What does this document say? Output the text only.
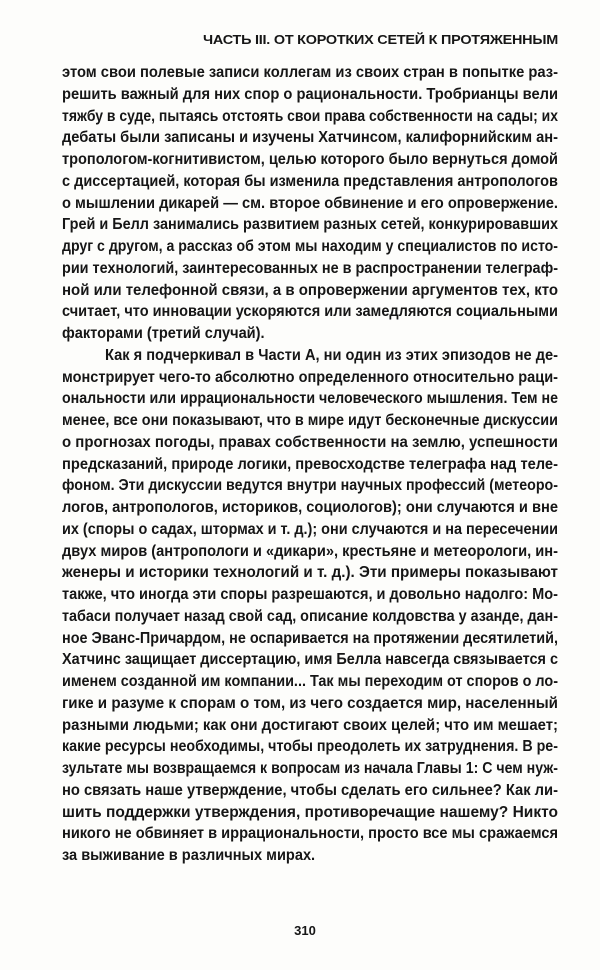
ЧАСТЬ III. ОТ КОРОТКИХ СЕТЕЙ К ПРОТЯЖЕННЫМ
этом свои полевые записи коллегам из своих стран в попытке раз-
решить важный для них спор о рациональности. Тробрианцы вели
тяжбу в суде, пытаясь отстоять свои права собственности на сады; их
дебаты были записаны и изучены Хатчинсом, калифорнийским ан-
тропологом-когнитивистом, целью которого было вернуться домой
с диссертацией, которая бы изменила представления антропологов
о мышлении дикарей — см. второе обвинение и его опровержение.
Грей и Белл занимались развитием разных сетей, конкурировавших
друг с другом, а рассказ об этом мы находим у специалистов по исто-
рии технологий, заинтересованных не в распространении телеграф-
ной или телефонной связи, а в опровержении аргументов тех, кто
считает, что инновации ускоряются или замедляются социальными
факторами (третий случай).
Как я подчеркивал в Части А, ни один из этих эпизодов не де-
монстрирует чего-то абсолютно определенного относительно раци-
ональности или иррациональности человеческого мышления. Тем не
менее, все они показывают, что в мире идут бесконечные дискуссии
о прогнозах погоды, правах собственности на землю, успешности
предсказаний, природе логики, превосходстве телеграфа над теле-
фоном. Эти дискуссии ведутся внутри научных профессий (метеоро-
логов, антропологов, историков, социологов); они случаются и вне
их (споры о садах, штормах и т. д.); они случаются и на пересечении
двух миров (антропологи и «дикари», крестьяне и метеорологи, ин-
женеры и историки технологий и т. д.). Эти примеры показывают
также, что иногда эти споры разрешаются, и довольно надолго: Мо-
табаси получает назад свой сад, описание колдовства у азанде, дан-
ное Эванс-Причардом, не оспаривается на протяжении десятилетий,
Хатчинс защищает диссертацию, имя Белла навсегда связывается с
именем созданной им компании... Так мы переходим от споров о ло-
гике и разуме к спорам о том, из чего создается мир, населенный
разными людьми; как они достигают своих целей; что им мешает;
какие ресурсы необходимы, чтобы преодолеть их затруднения. В ре-
зультате мы возвращаемся к вопросам из начала Главы 1: С чем нуж-
но связать наше утверждение, чтобы сделать его сильнее? Как ли-
шить поддержки утверждения, противоречащие нашему? Никто
никого не обвиняет в иррациональности, просто все мы сражаемся
за выживание в различных мирах.
310
